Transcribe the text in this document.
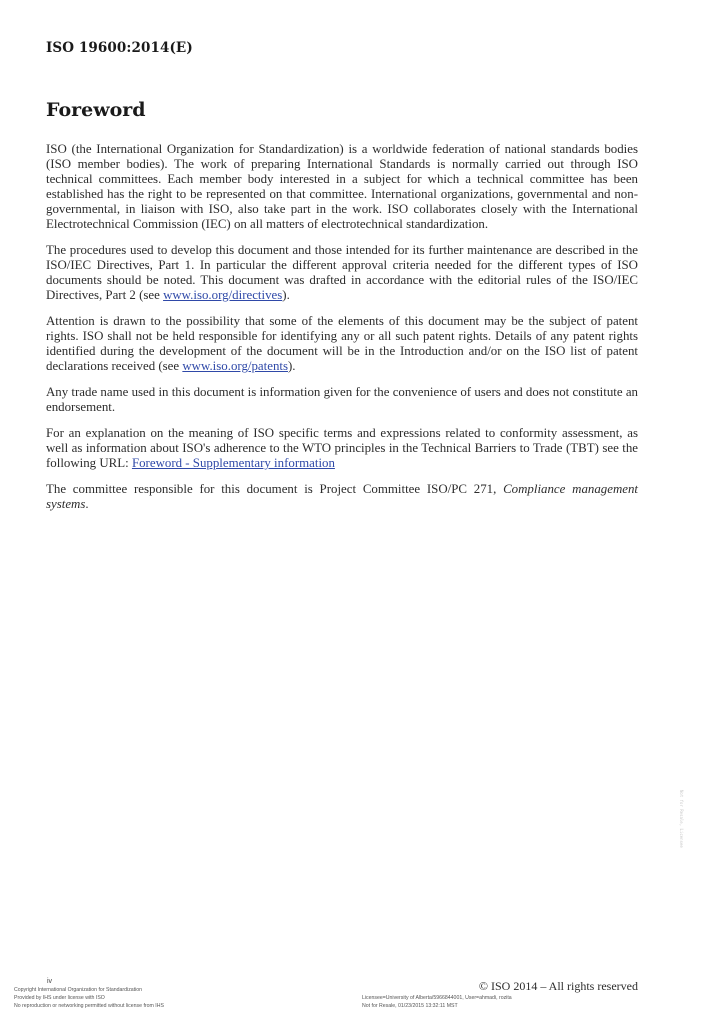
ISO 19600:2014(E)
Foreword

ISO (the International Organization for Standardization) is a worldwide federation of national standards bodies (ISO member bodies). The work of preparing International Standards is normally carried out through ISO technical committees. Each member body interested in a subject for which a technical committee has been established has the right to be represented on that committee. International organizations, governmental and non-governmental, in liaison with ISO, also take part in the work. ISO collaborates closely with the International Electrotechnical Commission (IEC) on all matters of electrotechnical standardization.

The procedures used to develop this document and those intended for its further maintenance are described in the ISO/IEC Directives, Part 1. In particular the different approval criteria needed for the different types of ISO documents should be noted. This document was drafted in accordance with the editorial rules of the ISO/IEC Directives, Part 2 (see www.iso.org/directives).

Attention is drawn to the possibility that some of the elements of this document may be the subject of patent rights. ISO shall not be held responsible for identifying any or all such patent rights. Details of any patent rights identified during the development of the document will be in the Introduction and/or on the ISO list of patent declarations received (see www.iso.org/patents).

Any trade name used in this document is information given for the convenience of users and does not constitute an endorsement.

For an explanation on the meaning of ISO specific terms and expressions related to conformity assessment, as well as information about ISO's adherence to the WTO principles in the Technical Barriers to Trade (TBT) see the following URL: Foreword - Supplementary information

The committee responsible for this document is Project Committee ISO/PC 271, Compliance management systems.

Not for Resale, Licensee
iv
Copyright International Organization for Standardization
Provided by IHS under license with ISO
No reproduction or networking permitted without license from IHS
© ISO 2014 – All rights reserved
Licensee=University of Alberta/5966844001, User=ahmadi, rozita
Not for Resale, 01/23/2015 13:32:11 MST
